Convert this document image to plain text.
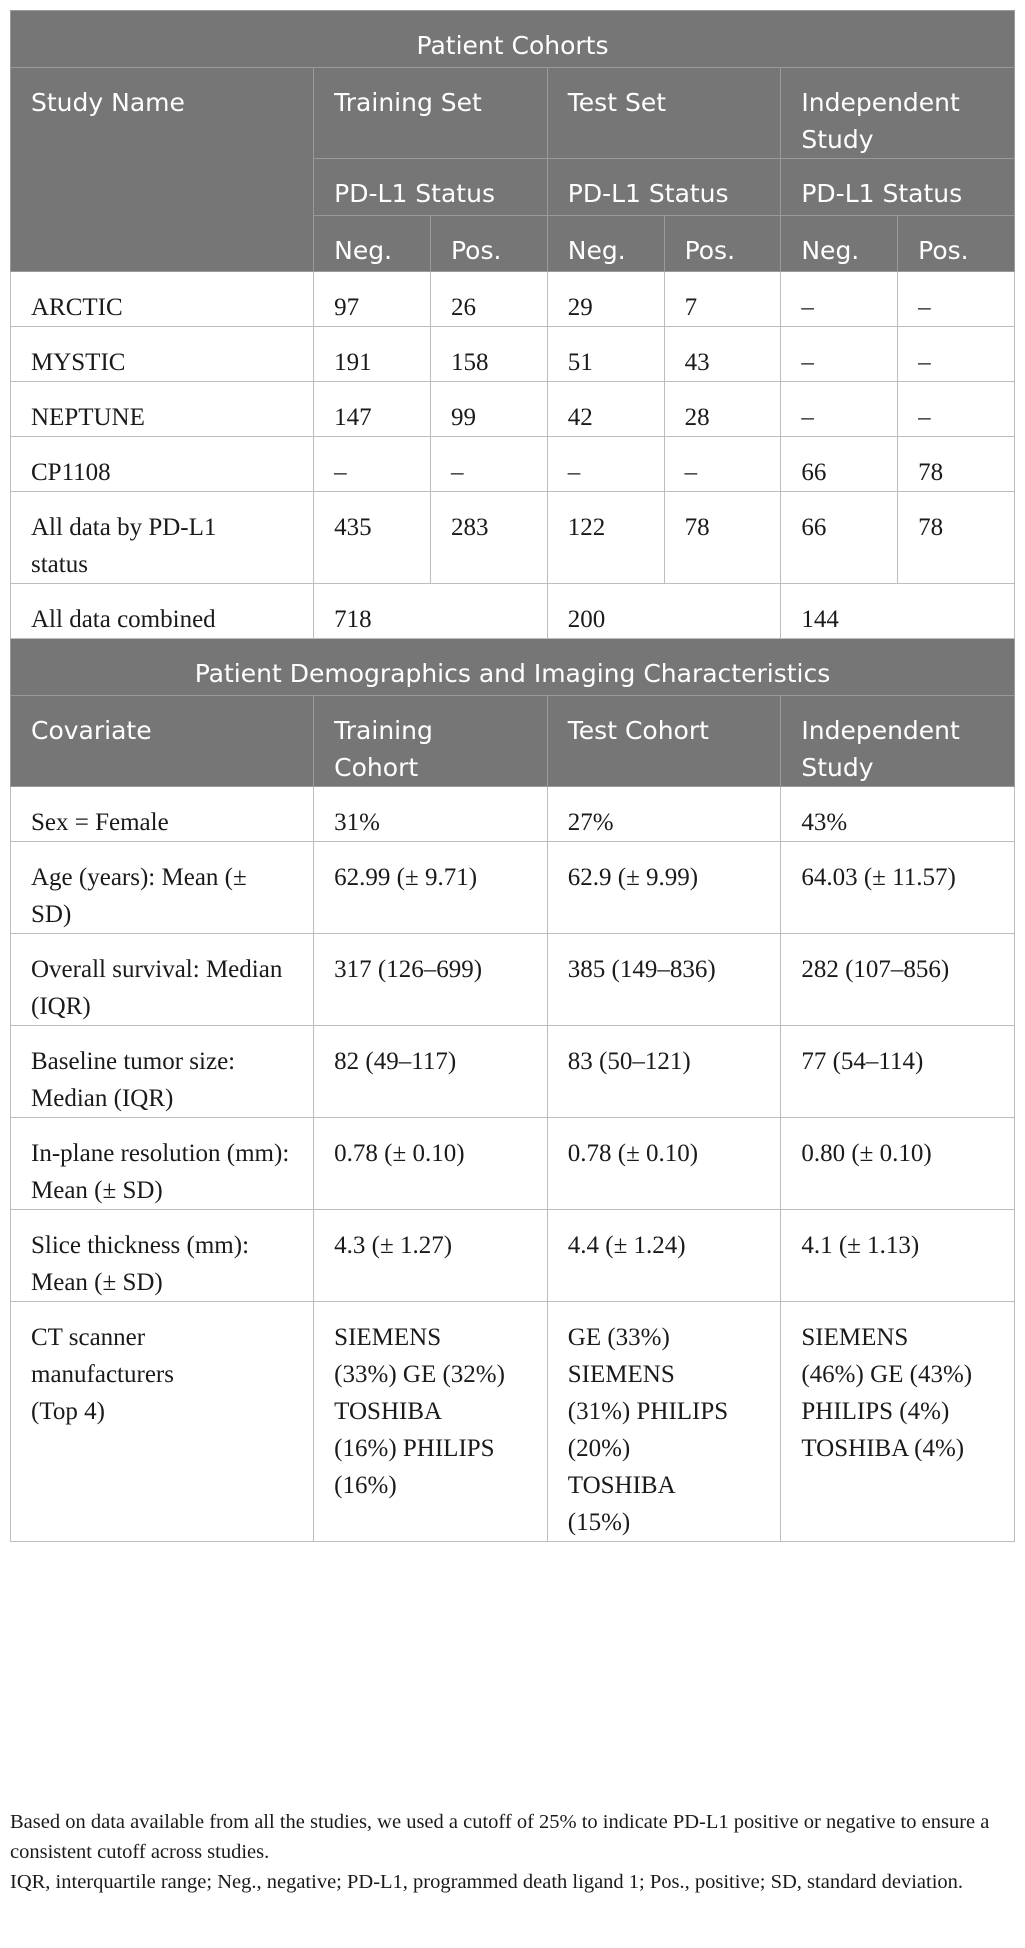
Patient Cohorts						
Study Name	Training Set		Test Set		Independent Study	
	PD-L1 Status		PD-L1 Status		PD-L1 Status	
	Neg.	Pos.	Neg.	Pos.	Neg.	Pos.
ARCTIC	97	26	29	7	–	–
MYSTIC	191	158	51	43	–	–
NEPTUNE	147	99	42	28	–	–
CP1108	–	–	–	–	66	78
All data by PD-L1 status	435	283	122	78	66	78
All data combined	718		200		144	
Patient Demographics and Imaging Characteristics						
Covariate	Training Cohort		Test Cohort		Independent Study	
Sex = Female	31%		27%		43%	
Age (years): Mean (± SD)	62.99 (± 9.71)		62.9 (± 9.99)		64.03 (± 11.57)	
Overall survival: Median (IQR)	317 (126–699)		385 (149–836)		282 (107–856)	
Baseline tumor size: Median (IQR)	82 (49–117)		83 (50–121)		77 (54–114)	
In-plane resolution (mm): Mean (± SD)	0.78 (± 0.10)		0.78 (± 0.10)		0.80 (± 0.10)	
Slice thickness (mm): Mean (± SD)	4.3 (± 1.27)		4.4 (± 1.24)		4.1 (± 1.13)	
CT scanner manufacturers (Top 4)	SIEMENS (33%) GE (32%) TOSHIBA (16%) PHILIPS (16%)		GE (33%) SIEMENS (31%) PHILIPS (20%) TOSHIBA (15%)		SIEMENS (46%) GE (43%) PHILIPS (4%) TOSHIBA (4%)	

Based on data available from all the studies, we used a cutoff of 25% to indicate PD-L1 positive or negative to ensure a consistent cutoff across studies.

IQR, interquartile range; Neg., negative; PD-L1, programmed death ligand 1; Pos., positive; SD, standard deviation.
